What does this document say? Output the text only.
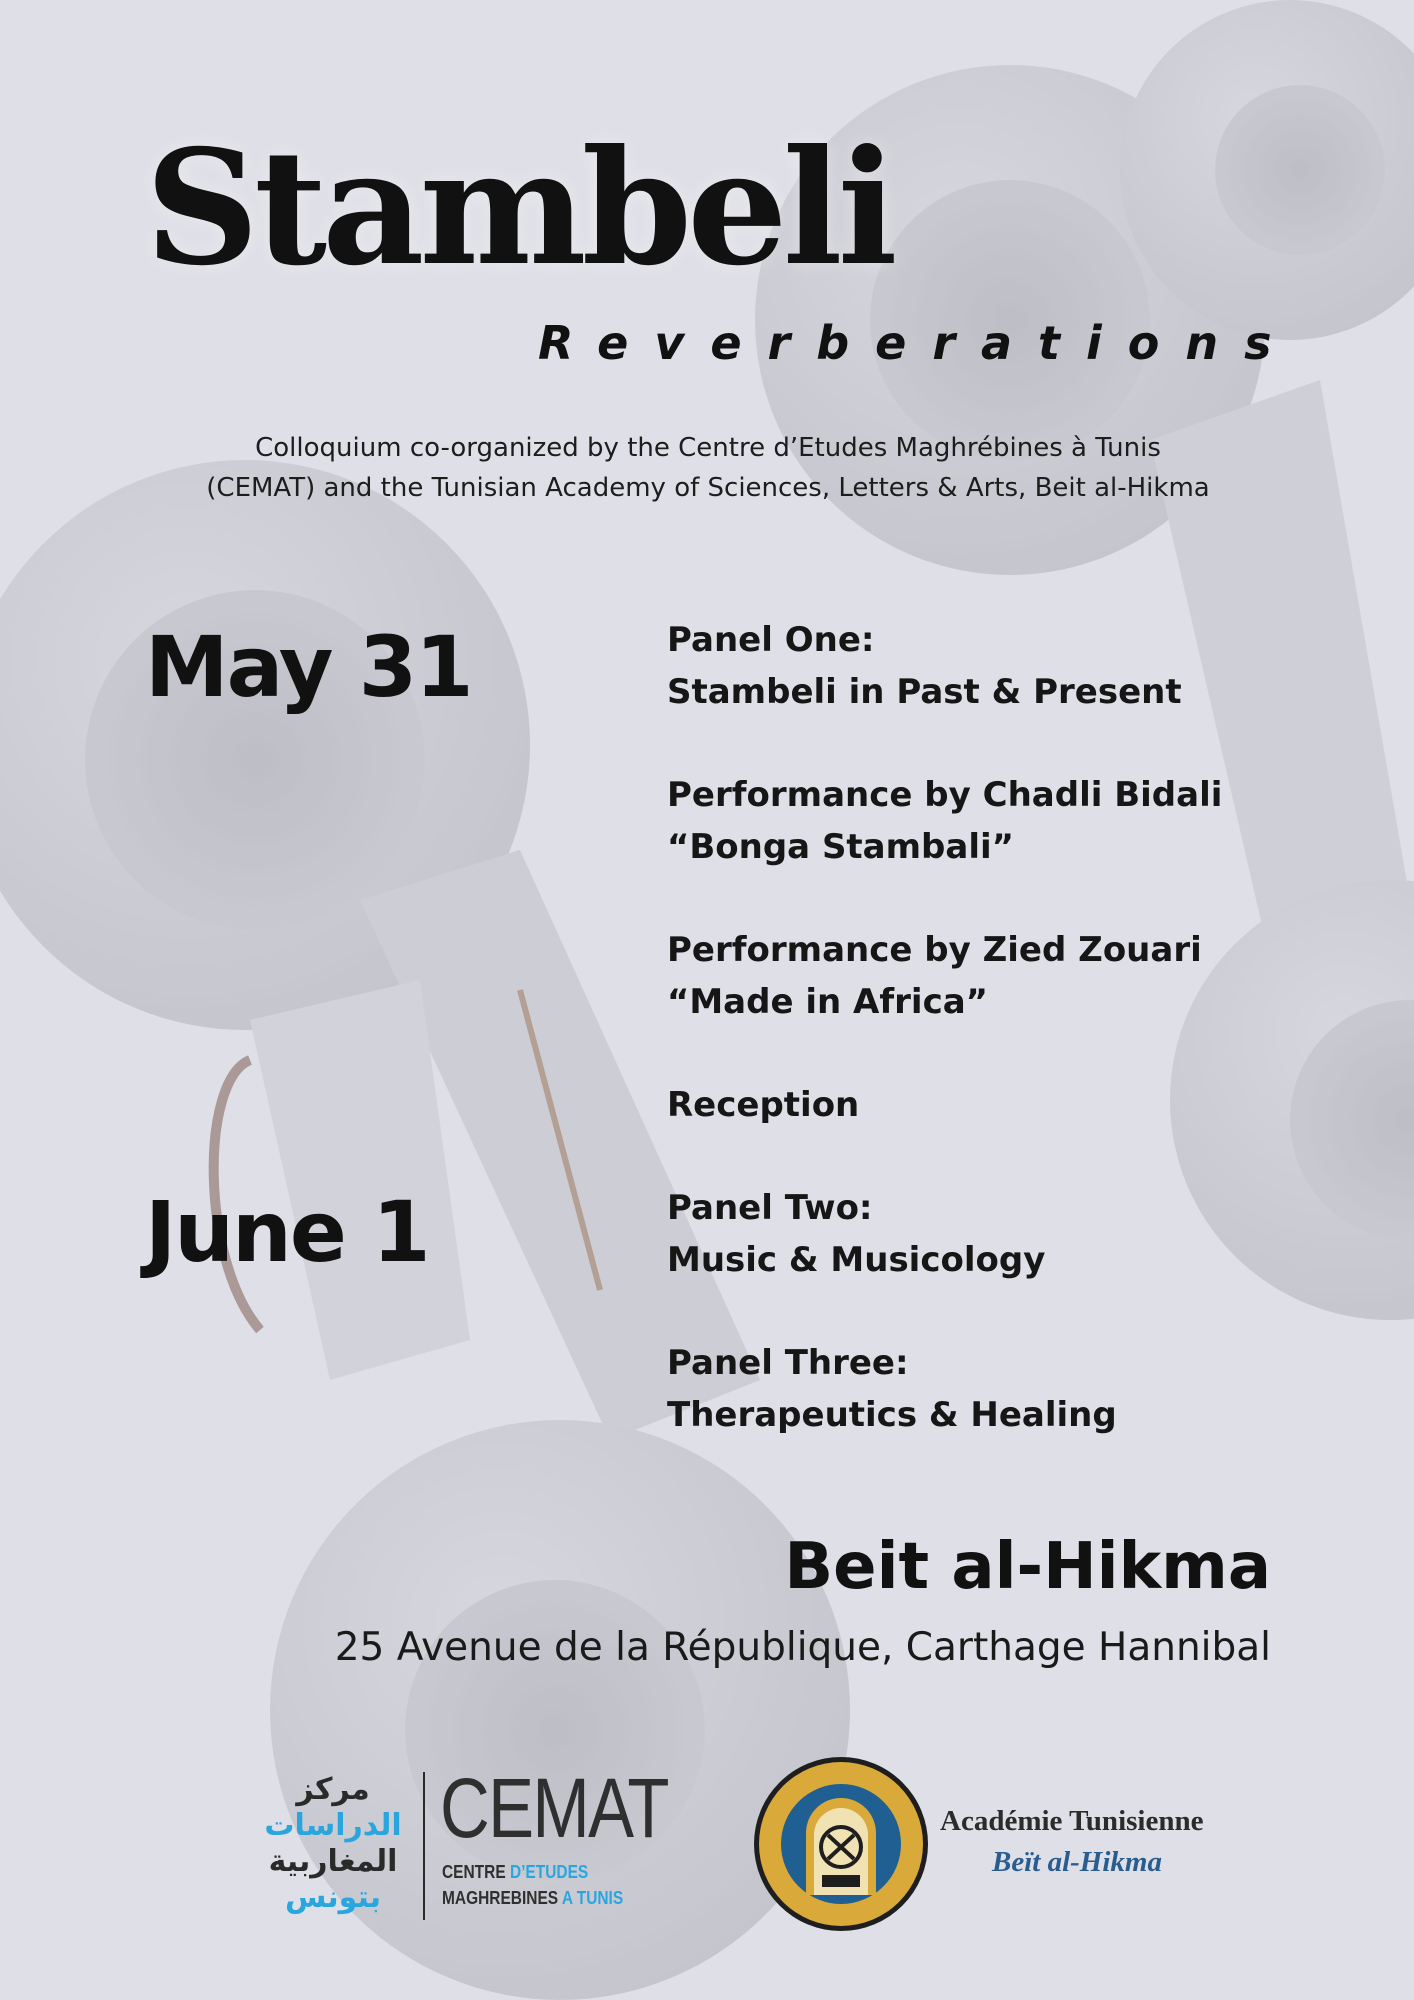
Stambeli

Reverberations

Colloquium co-organized by the Centre d’Etudes Maghrébines à Tunis
(CEMAT) and the Tunisian Academy of Sciences, Letters & Arts, Beit al-Hikma

May 31

June 1

Panel One:
Stambeli in Past & Present
Performance by Chadli Bidali
“Bonga Stambali”
Performance by Zied Zouari
“Made in Africa”
Reception
Panel Two:
Music & Musicology
Panel Three:
Therapeutics & Healing

Beit al-Hikma

25 Avenue de la République, Carthage Hannibal

مركز
الدراسات
المغاربية
بتونس

CEMAT

CENTRE D’ETUDES

MAGHREBINES A TUNIS

Académie Tunisienne

Beït al-Hikma
